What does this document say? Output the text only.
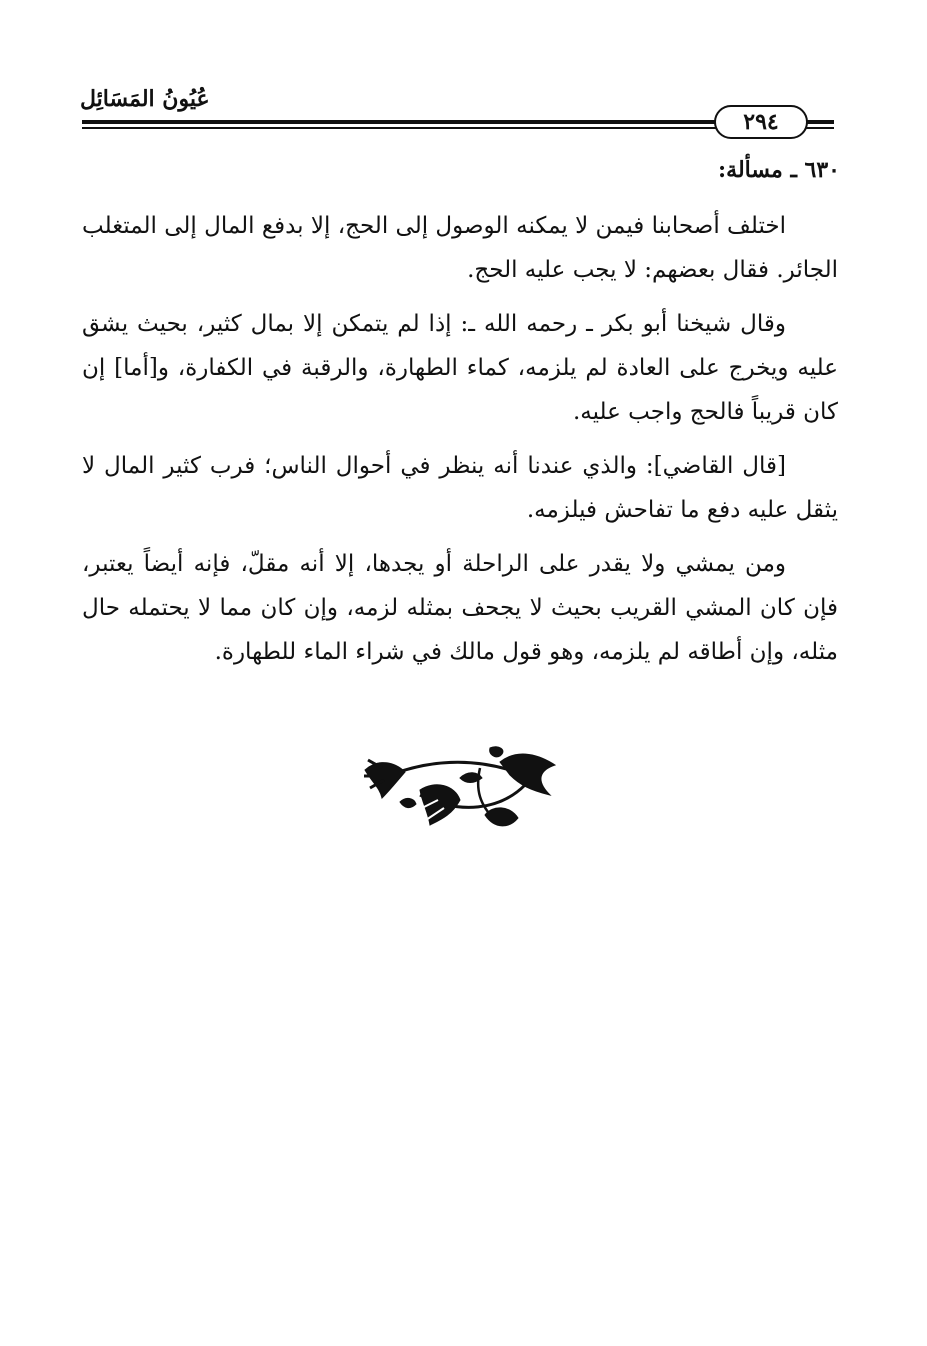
عُيُونُ المَسَائِل
٢٩٤
٦٣٠ ـ مسألة:

اختلف أصحابنا فيمن لا يمكنه الوصول إلى الحج، إلا بدفع المال إلى المتغلب الجائر. فقال بعضهم: لا يجب عليه الحج.

وقال شيخنا أبو بكر ـ رحمه الله ـ: إذا لم يتمكن إلا بمال كثير، بحيث يشق عليه ويخرج على العادة لم يلزمه، كماء الطهارة، والرقبة في الكفارة، و[أما] إن كان قريباً فالحج واجب عليه.

[قال القاضي]: والذي عندنا أنه ينظر في أحوال الناس؛ فرب كثير المال لا يثقل عليه دفع ما تفاحش فيلزمه.

ومن يمشي ولا يقدر على الراحلة أو يجدها، إلا أنه مقلّ، فإنه أيضاً يعتبر، فإن كان المشي القريب بحيث لا يجحف بمثله لزمه، وإن كان مما لا يحتمله حال مثله، وإن أطاقه لم يلزمه، وهو قول مالك في شراء الماء للطهارة.
